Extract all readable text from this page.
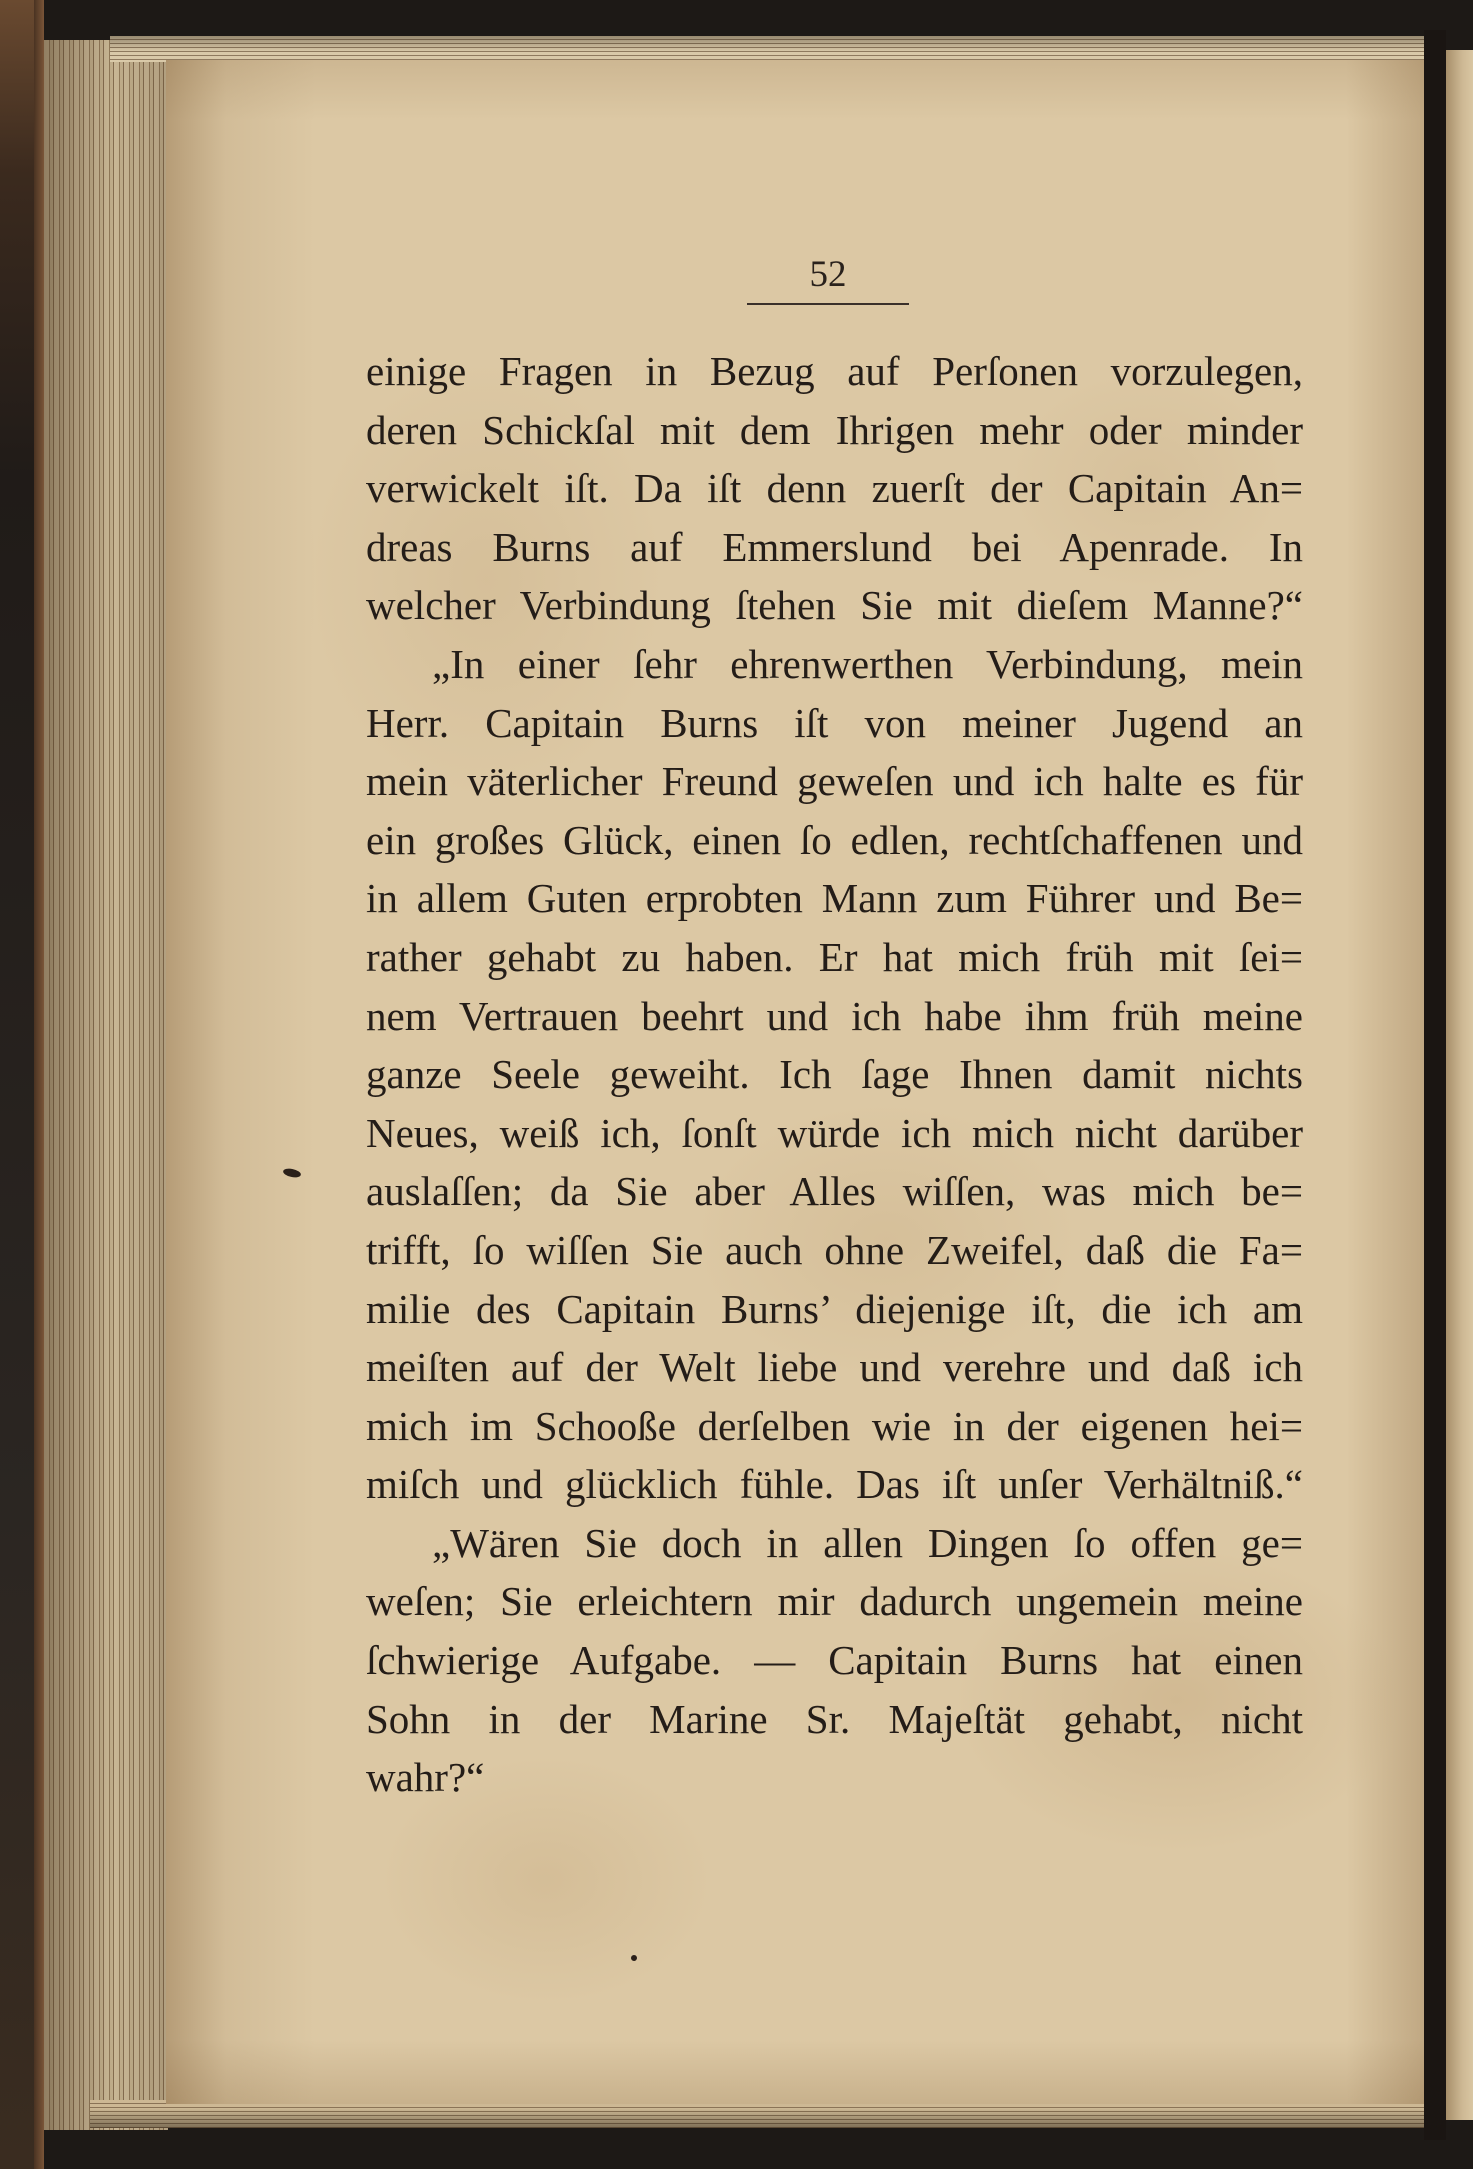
52
einige Fragen in Bezug auf Perſonen vorzulegen,
deren Schickſal mit dem Ihrigen mehr oder minder
verwickelt iſt. Da iſt denn zuerſt der Capitain An=
dreas Burns auf Emmerslund bei Apenrade. In
welcher Verbindung ſtehen Sie mit dieſem Manne?“
„In einer ſehr ehrenwerthen Verbindung, mein
Herr. Capitain Burns iſt von meiner Jugend an
mein väterlicher Freund geweſen und ich halte es für
ein großes Glück, einen ſo edlen, rechtſchaffenen und
in allem Guten erprobten Mann zum Führer und Be=
rather gehabt zu haben. Er hat mich früh mit ſei=
nem Vertrauen beehrt und ich habe ihm früh meine
ganze Seele geweiht. Ich ſage Ihnen damit nichts
Neues, weiß ich, ſonſt würde ich mich nicht darüber
auslaſſen; da Sie aber Alles wiſſen, was mich be=
trifft, ſo wiſſen Sie auch ohne Zweifel, daß die Fa=
milie des Capitain Burns’ diejenige iſt, die ich am
meiſten auf der Welt liebe und verehre und daß ich
mich im Schooße derſelben wie in der eigenen hei=
miſch und glücklich fühle. Das iſt unſer Verhältniß.“
„Wären Sie doch in allen Dingen ſo offen ge=
weſen; Sie erleichtern mir dadurch ungemein meine
ſchwierige Aufgabe. — Capitain Burns hat einen
Sohn in der Marine Sr. Majeſtät gehabt, nicht
wahr?“
